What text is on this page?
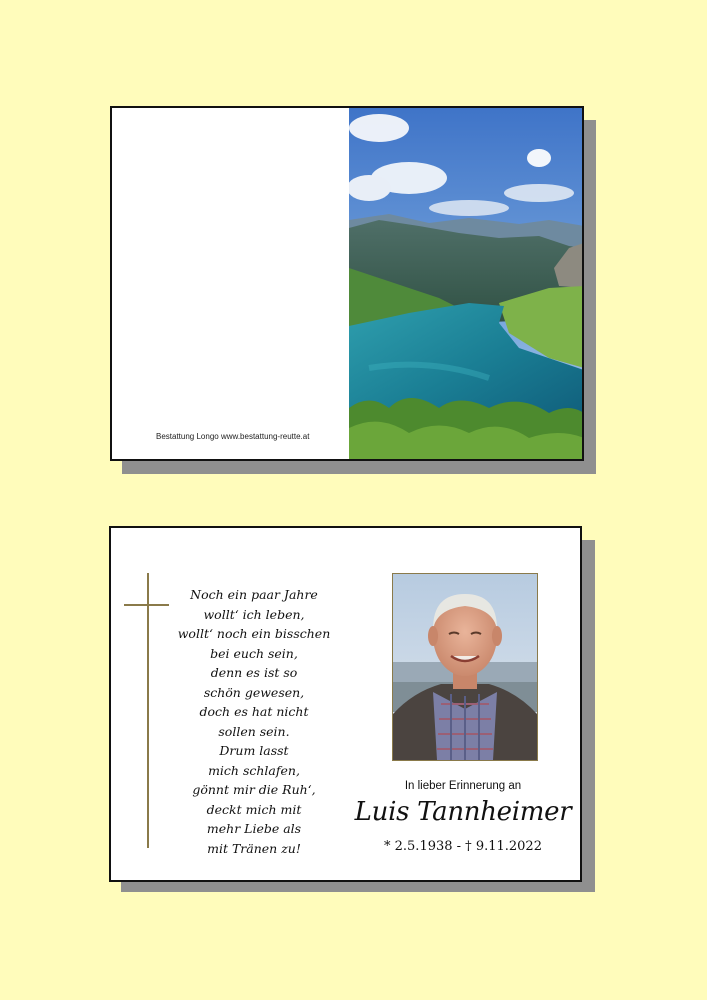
Bestattung Longo www.bestattung-reutte.at
Noch ein paar Jahre
wollt‘ ich leben,
wollt‘ noch ein bisschen
bei euch sein,
denn es ist so
schön gewesen,
doch es hat nicht
sollen sein.
Drum lasst
mich schlafen,
gönnt mir die Ruh‘,
deckt mich mit
mehr Liebe als
mit Tränen zu!
In lieber Erinnerung an
Luis Tannheimer
* 2.5.1938 - † 9.11.2022
